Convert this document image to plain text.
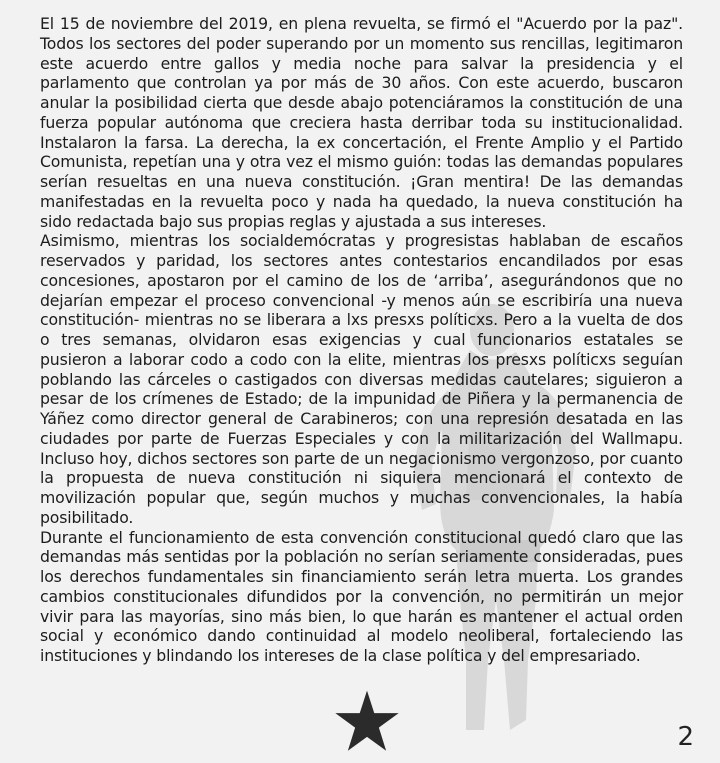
El 15 de noviembre del 2019, en plena revuelta, se firmó el "Acuerdo por la paz". Todos los sectores del poder superando por un momento sus rencillas, legitimaron este acuerdo entre gallos y media noche para salvar la presidencia y el parlamento que controlan ya por más de 30 años. Con este acuerdo, buscaron anular la posibilidad cierta que desde abajo potenciáramos la constitución de una fuerza popular autónoma que creciera hasta derribar toda su institucionalidad. Instalaron la farsa. La derecha, la ex concertación, el Frente Amplio y el Partido Comunista, repetían una y otra vez el mismo guión: todas las demandas populares serían resueltas en una nueva constitución. ¡Gran mentira! De las demandas manifestadas en la revuelta poco y nada ha quedado, la nueva constitución ha sido redactada bajo sus propias reglas y ajustada a sus intereses.

Asimismo, mientras los socialdemócratas y progresistas hablaban de escaños reservados y paridad, los sectores antes contestarios encandilados por esas concesiones, apostaron por el camino de los de ‘arriba’, asegurándonos que no dejarían empezar el proceso convencional -y menos aún se escribiría una nueva constitución- mientras no se liberara a lxs presxs políticxs. Pero a la vuelta de dos o tres semanas, olvidaron esas exigencias y cual funcionarios estatales se pusieron a laborar codo a codo con la elite, mientras los presxs políticxs seguían poblando las cárceles o castigados con diversas medidas cautelares; siguieron a pesar de los crímenes de Estado; de la impunidad de Piñera y la permanencia de Yáñez como director general de Carabineros; con una represión desatada en las ciudades por parte de Fuerzas Especiales y con la militarización del Wallmapu. Incluso hoy, dichos sectores son parte de un negacionismo vergonzoso, por cuanto la propuesta de nueva constitución ni siquiera mencionará el contexto de movilización popular que, según muchos y muchas convencionales, la había posibilitado.

Durante el funcionamiento de esta convención constitucional quedó claro que las demandas más sentidas por la población no serían seriamente consideradas, pues los derechos fundamentales sin financiamiento serán letra muerta. Los grandes cambios constitucionales difundidos por la convención, no permitirán un mejor vivir para las mayorías, sino más bien, lo que harán es mantener el actual orden social y económico dando continuidad al modelo neoliberal, fortaleciendo las instituciones y blindando los intereses de la clase política y del empresariado.

2
